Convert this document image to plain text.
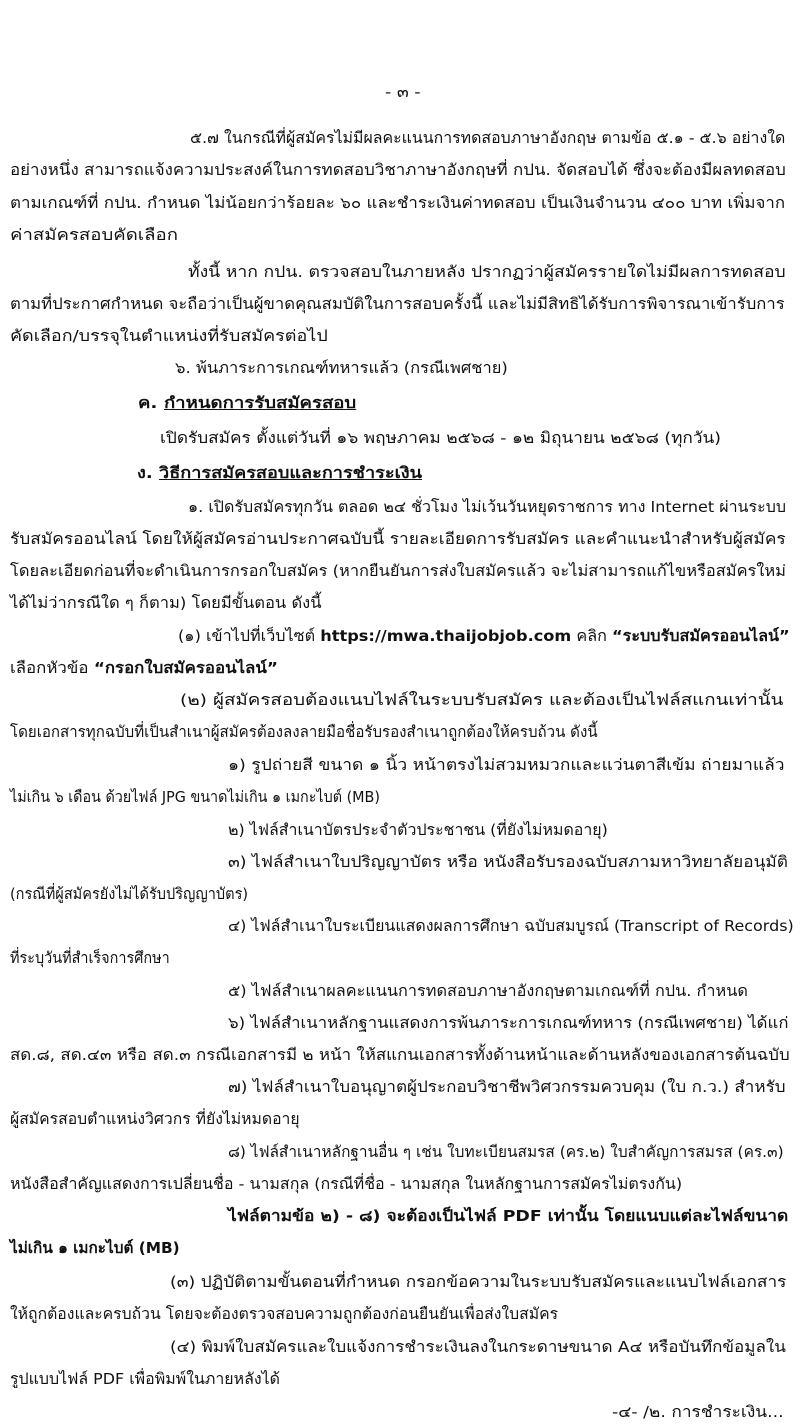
- ๓ -
๕.๗ ในกรณีที่ผู้สมัครไม่มีผลคะแนนการทดสอบภาษาอังกฤษ ตามข้อ ๕.๑ - ๕.๖ อย่างใด
อย่างหนึ่ง สามารถแจ้งความประสงค์ในการทดสอบวิชาภาษาอังกฤษที่ กปน. จัดสอบได้ ซึ่งจะต้องมีผลทดสอบ
ตามเกณฑ์ที่ กปน. กำหนด ไม่น้อยกว่าร้อยละ ๖๐ และชำระเงินค่าทดสอบ เป็นเงินจำนวน ๔๐๐ บาท เพิ่มจาก
ค่าสมัครสอบคัดเลือก
ทั้งนี้ หาก กปน. ตรวจสอบในภายหลัง ปรากฏว่าผู้สมัครรายใดไม่มีผลการทดสอบ
ตามที่ประกาศกำหนด จะถือว่าเป็นผู้ขาดคุณสมบัติในการสอบครั้งนี้ และไม่มีสิทธิได้รับการพิจารณาเข้ารับการ
คัดเลือก/บรรจุในตำแหน่งที่รับสมัครต่อไป
๖. พ้นภาระการเกณฑ์ทหารแล้ว (กรณีเพศชาย)
ค. กำหนดการรับสมัครสอบ
เปิดรับสมัคร ตั้งแต่วันที่ ๑๖ พฤษภาคม ๒๕๖๘ - ๑๒ มิถุนายน ๒๕๖๘ (ทุกวัน)
ง. วิธีการสมัครสอบและการชำระเงิน
๑. เปิดรับสมัครทุกวัน ตลอด ๒๔ ชั่วโมง ไม่เว้นวันหยุดราชการ ทาง Internet ผ่านระบบ
รับสมัครออนไลน์ โดยให้ผู้สมัครอ่านประกาศฉบับนี้ รายละเอียดการรับสมัคร และคำแนะนำสำหรับผู้สมัคร
โดยละเอียดก่อนที่จะดำเนินการกรอกใบสมัคร (หากยืนยันการส่งใบสมัครแล้ว จะไม่สามารถแก้ไขหรือสมัครใหม่
ได้ไม่ว่ากรณีใด ๆ ก็ตาม) โดยมีขั้นตอน ดังนี้
(๑) เข้าไปที่เว็บไซต์ https://mwa.thaijobjob.com คลิก “ระบบรับสมัครออนไลน์”
เลือกหัวข้อ “กรอกใบสมัครออนไลน์”
(๒) ผู้สมัครสอบต้องแนบไฟล์ในระบบรับสมัคร และต้องเป็นไฟล์สแกนเท่านั้น
โดยเอกสารทุกฉบับที่เป็นสำเนาผู้สมัครต้องลงลายมือชื่อรับรองสำเนาถูกต้องให้ครบถ้วน ดังนี้
๑) รูปถ่ายสี ขนาด ๑ นิ้ว หน้าตรงไม่สวมหมวกและแว่นตาสีเข้ม ถ่ายมาแล้ว
ไม่เกิน ๖ เดือน ด้วยไฟล์ JPG ขนาดไม่เกิน ๑ เมกะไบต์ (MB)
๒) ไฟล์สำเนาบัตรประจำตัวประชาชน (ที่ยังไม่หมดอายุ)
๓) ไฟล์สำเนาใบปริญญาบัตร หรือ หนังสือรับรองฉบับสภามหาวิทยาลัยอนุมัติ
(กรณีที่ผู้สมัครยังไม่ได้รับปริญญาบัตร)
๔) ไฟล์สำเนาใบระเบียนแสดงผลการศึกษา ฉบับสมบูรณ์ (Transcript of Records)
ที่ระบุวันที่สำเร็จการศึกษา
๕) ไฟล์สำเนาผลคะแนนการทดสอบภาษาอังกฤษตามเกณฑ์ที่ กปน. กำหนด
๖) ไฟล์สำเนาหลักฐานแสดงการพ้นภาระการเกณฑ์ทหาร (กรณีเพศชาย) ได้แก่
สด.๘, สด.๔๓ หรือ สด.๓ กรณีเอกสารมี ๒ หน้า ให้สแกนเอกสารทั้งด้านหน้าและด้านหลังของเอกสารต้นฉบับ
๗) ไฟล์สำเนาใบอนุญาตผู้ประกอบวิชาชีพวิศวกรรมควบคุม (ใบ ก.ว.) สำหรับ
ผู้สมัครสอบตำแหน่งวิศวกร ที่ยังไม่หมดอายุ
๘) ไฟล์สำเนาหลักฐานอื่น ๆ เช่น ใบทะเบียนสมรส (คร.๒) ใบสำคัญการสมรส (คร.๓)
หนังสือสำคัญแสดงการเปลี่ยนชื่อ - นามสกุล (กรณีที่ชื่อ - นามสกุล ในหลักฐานการสมัครไม่ตรงกัน)
ไฟล์ตามข้อ ๒) - ๘) จะต้องเป็นไฟล์ PDF เท่านั้น โดยแนบแต่ละไฟล์ขนาด
ไม่เกิน ๑ เมกะไบต์ (MB)
(๓) ปฏิบัติตามขั้นตอนที่กำหนด กรอกข้อความในระบบรับสมัครและแนบไฟล์เอกสาร
ให้ถูกต้องและครบถ้วน โดยจะต้องตรวจสอบความถูกต้องก่อนยืนยันเพื่อส่งใบสมัคร
(๔) พิมพ์ใบสมัครและใบแจ้งการชำระเงินลงในกระดาษขนาด A๔ หรือบันทึกข้อมูลใน
รูปแบบไฟล์ PDF เพื่อพิมพ์ในภายหลังได้
-๔- /๒. การชำระเงิน...
